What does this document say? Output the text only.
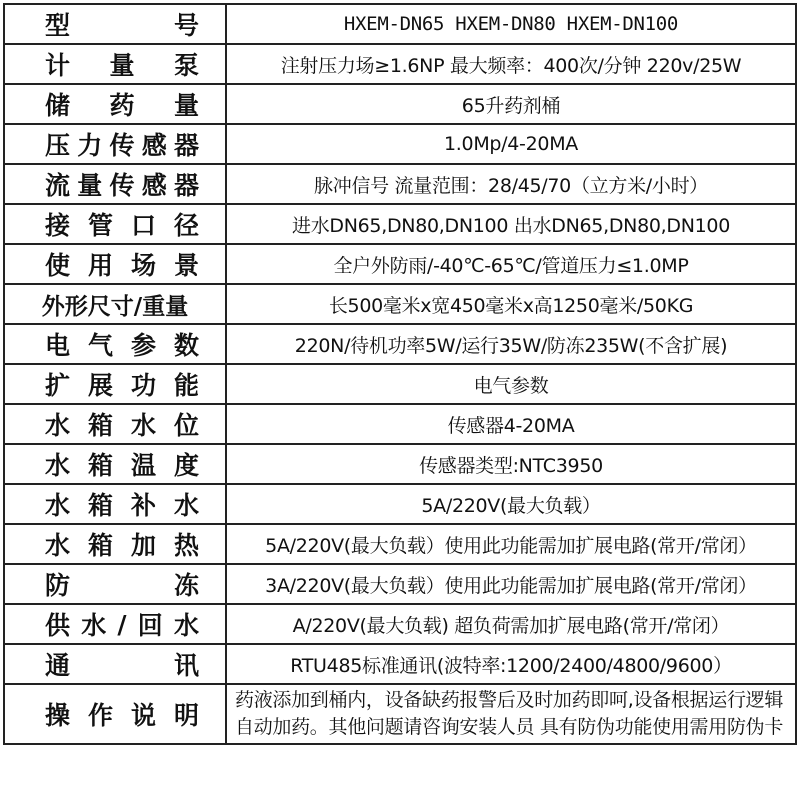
型 号	HXEM-DN65 HXEM-DN80 HXEM-DN100

计 量 泵	注射压力场≥1.6NP 最大频率：400次/分钟 220v/25W

储 药 量	65升药剂桶

压 力 传 感 器	1.0Mp/4-20MA

流 量 传 感 器	脉冲信号 流量范围：28/45/70（立方米/小时）

接 管 口 径	进水DN65,DN80,DN100 出水DN65,DN80,DN100

使 用 场 景	全户外防雨/-40℃-65℃/管道压力≤1.0MP

外形尺寸/重量	长500毫米x宽450毫米x高1250毫米/50KG

电 气 参 数	220N/待机功率5W/运行35W/防冻235W(不含扩展)

扩 展 功 能	电气参数

水 箱 水 位	传感器4-20MA

水 箱 温 度	传感器类型:NTC3950

水 箱 补 水	5A/220V(最大负载）

水 箱 加 热	5A/220V(最大负载）使用此功能需加扩展电路(常开/常闭）

防 冻	3A/220V(最大负载）使用此功能需加扩展电路(常开/常闭）

供 水 / 回 水	A/220V(最大负载) 超负荷需加扩展电路(常开/常闭）

通 讯	RTU485标准通讯(波特率:1200/2400/4800/9600）

操 作 说 明	药液添加到桶内，设备缺药报警后及时加药即呵,设备根据运行逻辑自动加药。其他问题请咨询安装人员 具有防伪功能使用需用防伪卡
